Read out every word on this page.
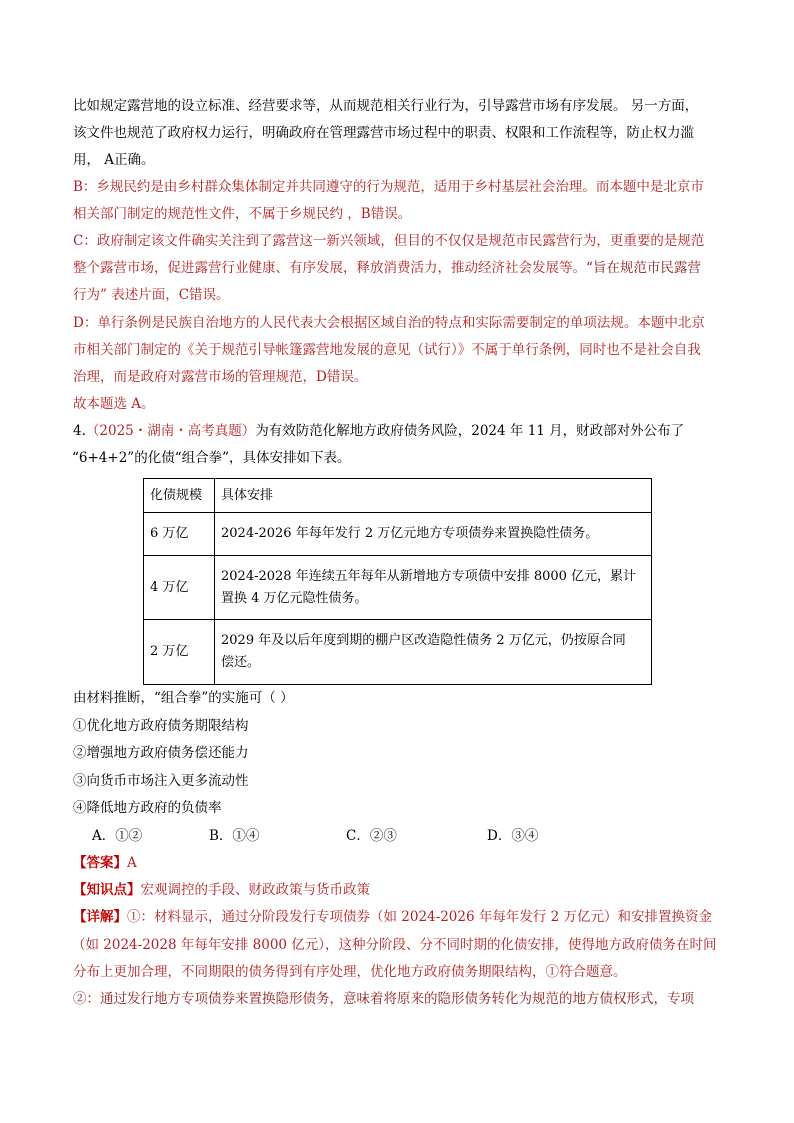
比如规定露营地的设立标准、经营要求等，从而规范相关行业行为，引导露营市场有序发展。 另一方面，
该文件也规范了政府权力运行，明确政府在管理露营市场过程中的职责、权限和工作流程等，防止权力滥
用， A正确。
B：乡规民约是由乡村群众集体制定并共同遵守的行为规范，适用于乡村基层社会治理。而本题中是北京市
相关部门制定的规范性文件，不属于乡规民约 ，B错误。
C：政府制定该文件确实关注到了露营这一新兴领域，但目的不仅仅是规范市民露营行为，更重要的是规范
整个露营市场，促进露营行业健康、有序发展，释放消费活力，推动经济社会发展等。“旨在规范市民露营
行为” 表述片面，C错误。
D：单行条例是民族自治地方的人民代表大会根据区域自治的特点和实际需要制定的单项法规。本题中北京
市相关部门制定的《关于规范引导帐篷露营地发展的意见（试行）》不属于单行条例，同时也不是社会自我
治理，而是政府对露营市场的管理规范，D错误。
故本题选 A。
4.（2025・湖南・高考真题）为有效防范化解地方政府债务风险，2024 年 11 月，财政部对外公布了
“6+4+2”的化债“组合拳”，具体安排如下表。
化债规模	具体安排
6 万亿	2024-2026 年每年发行 2 万亿元地方专项债券来置换隐性债务。

4 万亿	2024-2028 年连续五年每年从新增地方专项债中安排 8000 亿元，累计
置换 4 万亿元隐性债务。

2 万亿	2029 年及以后年度到期的棚户区改造隐性债务 2 万亿元，仍按原合同
偿还。
由材料推断，“组合拳”的实施可（ ）
①优化地方政府债务期限结构
②增强地方政府债务偿还能力
③向货币市场注入更多流动性
④降低地方政府的负债率
A．①②	B．①④	C．②③	D．③④
【答案】A
【知识点】宏观调控的手段、财政政策与货币政策
【详解】①：材料显示，通过分阶段发行专项债券（如 2024-2026 年每年发行 2 万亿元）和安排置换资金
（如 2024-2028 年每年安排 8000 亿元），这种分阶段、分不同时期的化债安排，使得地方政府债务在时间
分布上更加合理，不同期限的债务得到有序处理，优化地方政府债务期限结构，①符合题意。
②：通过发行地方专项债券来置换隐形债务，意味着将原来的隐形债务转化为规范的地方债权形式，专项
